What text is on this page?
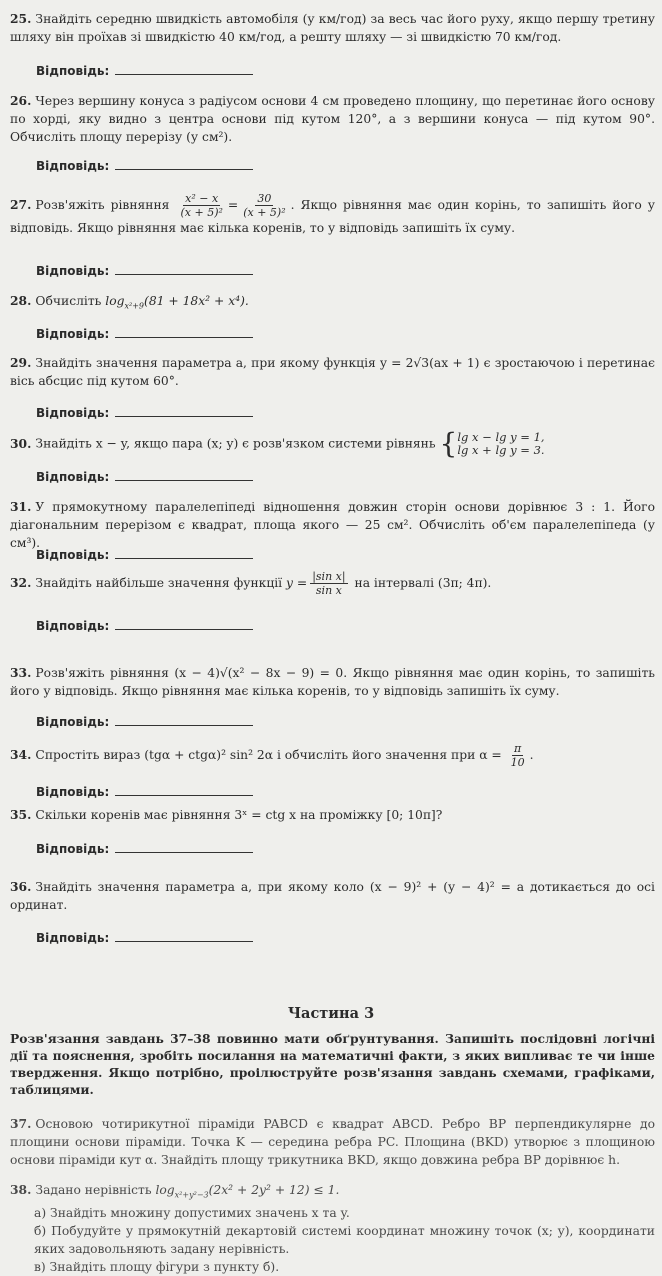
25. Знайдіть середню швидкість автомобіля (у км/год) за весь час його руху, якщо першу третину шляху він проїхав зі швидкістю 40 км/год, а решту шляху — зі швидкістю 70 км/год.
Відповідь:
26. Через вершину конуса з радіусом основи 4 см проведено площину, що перетинає його основу по хорді, яку видно з центра основи під кутом 120°, а з вершини конуса — під кутом 90°. Обчисліть площу перерізу (у см²).
Відповідь:
27. Розв'яжіть рівняння $\frac{\text{x² − x}}{\text{(x + 5)²}} = \frac{30}{\text{(x + 5)²}}$ . Якщо рівняння має один корінь, то запишіть його у відповідь. Якщо рівняння має кілька коренів, то у відповідь запишіть їх суму.
Відповідь:
28. Обчисліть $\log_{x^2+9}(81 + 18x^2 + x^4)$.
Відповідь:
29. Знайдіть значення параметра a, при якому функція y = 2√3(ax + 1) є зростаючою і перетинає вісь абсцис під кутом 60°.
Відповідь:
30. Знайдіть x − y, якщо пара (x; y) є розв'язком системи рівнянь { lg x − lg y = 1,
lg x + lg y = 3.
Відповідь:
31. У прямокутному паралелепіпеді відношення довжин сторін основи дорівнює 3 : 1. Його діагональним перерізом є квадрат, площа якого — 25 см². Обчисліть об'єм паралелепіпеда (у см³).
Відповідь:
32. Знайдіть найбільше значення функції $y = \frac{\text{|sin x|}}{\text{sin x}}$ на інтервалі (3π; 4π).
Відповідь:
33. Розв'яжіть рівняння (x − 4)√(x² − 8x − 9) = 0. Якщо рівняння має один корінь, то запишіть його у відповідь. Якщо рівняння має кілька коренів, то у відповідь запишіть їх суму.
Відповідь:
34. Спростіть вираз (tgα + ctgα)² sin² 2α і обчисліть його значення при $\alpha = \frac{\pi}{10}$ .
Відповідь:
35. Скільки коренів має рівняння 3ˣ = ctg x на проміжку [0; 10π]?
Відповідь:
36. Знайдіть значення параметра a, при якому коло (x − 9)² + (y − 4)² = a дотикається до осі ординат.
Відповідь:
Частина 3
Розв'язання завдань 37–38 повинно мати обґрунтування. Запишіть послідовні логічні дії та пояснення, зробіть посилання на математичні факти, з яких випливає те чи інше твердження. Якщо потрібно, проілюструйте розв'язання завдань схемами, графіками, таблицями.
37. Основою чотирикутної піраміди PABCD є квадрат ABCD. Ребро BP перпендикулярне до площини основи піраміди. Точка K — середина ребра PC. Площина (BKD) утворює з площиною основи піраміди кут α. Знайдіть площу трикутника BKD, якщо довжина ребра BP дорівнює h.
38. Задано нерівність $\log_{x^2+y^2-3}(2x^2 + 2y^2 + 12) \le 1$.
а) Знайдіть множину допустимих значень x та y.
б) Побудуйте у прямокутній декартовій системі координат множину точок (x; y), координати яких задовольняють задану нерівність.
в) Знайдіть площу фігури з пункту б).
